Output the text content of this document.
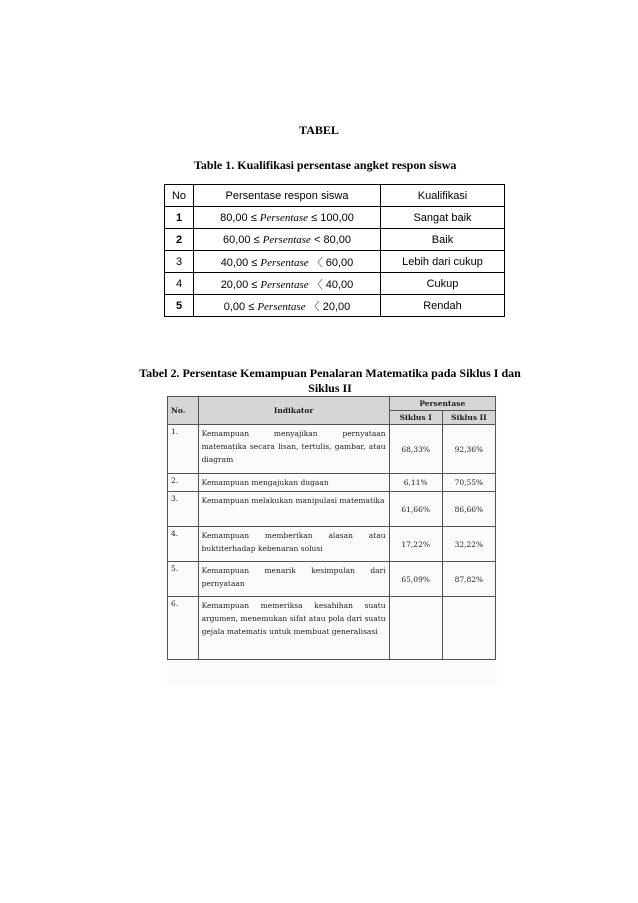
TABEL
Table 1. Kualifikasi persentase angket respon siswa
No	Persentase respon siswa	Kualifikasi
1	80,00 ≤ Persentase ≤ 100,00	Sangat baik
2	60,00 ≤ Persentase < 80,00	Baik
3	40,00 ≤ Persentase 〈 60,00	Lebih dari cukup
4	20,00 ≤ Persentase 〈 40,00	Cukup
5	0,00 ≤ Persentase 〈 20,00	Rendah
Tabel 2. Persentase Kemampuan Penalaran Matematika pada Siklus I dan
Siklus II
No.	Indikator	Persentase	
		Siklus I	Siklus II
1.	Kemampuan menyajikan pernyataan matematika secara lisan, tertulis, gambar, atau diagram	68,33%	92,36%
2.	Kemampuan mengajukan dugaan	6,11%	70,55%
3.	Kemampuan melakukan manipulasi matematika	61,66%	86,66%
4.	Kemampuan memberikan alasan atau buktiterhadap kebenaran solusi	17,22%	32,22%
5.	Kemampuan menarik kesimpulan dari pernyataan	65,09%	87,82%
6.	Kemampuan memeriksa kesahihan suatu argumen, menemukan sifat atau pola dari suatu gejala matematis untuk membuat generalisasi		
